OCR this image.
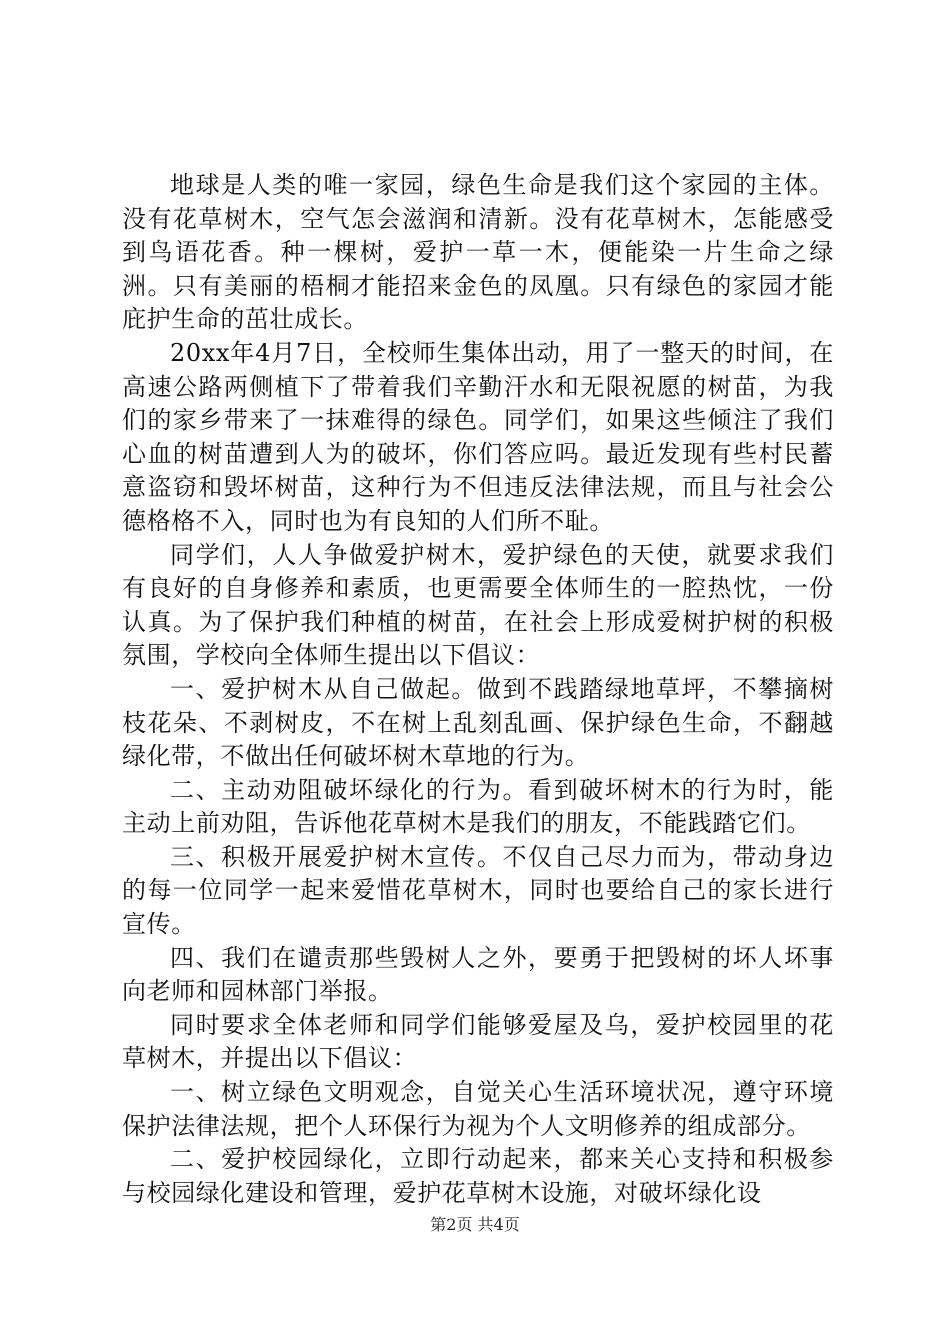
地球是人类的唯一家园，绿色生命是我们这个家园的主体。没有花草树木，空气怎会滋润和清新。没有花草树木，怎能感受到鸟语花香。种一棵树，爱护一草一木，便能染一片生命之绿洲。只有美丽的梧桐才能招来金色的凤凰。只有绿色的家园才能庇护生命的茁壮成长。

20xx年4月7日，全校师生集体出动，用了一整天的时间，在高速公路两侧植下了带着我们辛勤汗水和无限祝愿的树苗，为我们的家乡带来了一抹难得的绿色。同学们，如果这些倾注了我们心血的树苗遭到人为的破坏，你们答应吗。最近发现有些村民蓄意盗窃和毁坏树苗，这种行为不但违反法律法规，而且与社会公德格格不入，同时也为有良知的人们所不耻。

同学们，人人争做爱护树木，爱护绿色的天使，就要求我们有良好的自身修养和素质，也更需要全体师生的一腔热忱，一份认真。为了保护我们种植的树苗，在社会上形成爱树护树的积极氛围，学校向全体师生提出以下倡议：

一、爱护树木从自己做起。做到不践踏绿地草坪，不攀摘树枝花朵、不剥树皮，不在树上乱刻乱画、保护绿色生命，不翻越绿化带，不做出任何破坏树木草地的行为。

二、主动劝阻破坏绿化的行为。看到破坏树木的行为时，能主动上前劝阻，告诉他花草树木是我们的朋友，不能践踏它们。

三、积极开展爱护树木宣传。不仅自己尽力而为，带动身边的每一位同学一起来爱惜花草树木，同时也要给自己的家长进行宣传。

四、我们在谴责那些毁树人之外，要勇于把毁树的坏人坏事向老师和园林部门举报。

同时要求全体老师和同学们能够爱屋及乌，爱护校园里的花草树木，并提出以下倡议：

一、树立绿色文明观念，自觉关心生活环境状况，遵守环境保护法律法规，把个人环保行为视为个人文明修养的组成部分。

二、爱护校园绿化，立即行动起来，都来关心支持和积极参与校园绿化建设和管理，爱护花草树木设施，对破坏绿化设

第2页 共4页
